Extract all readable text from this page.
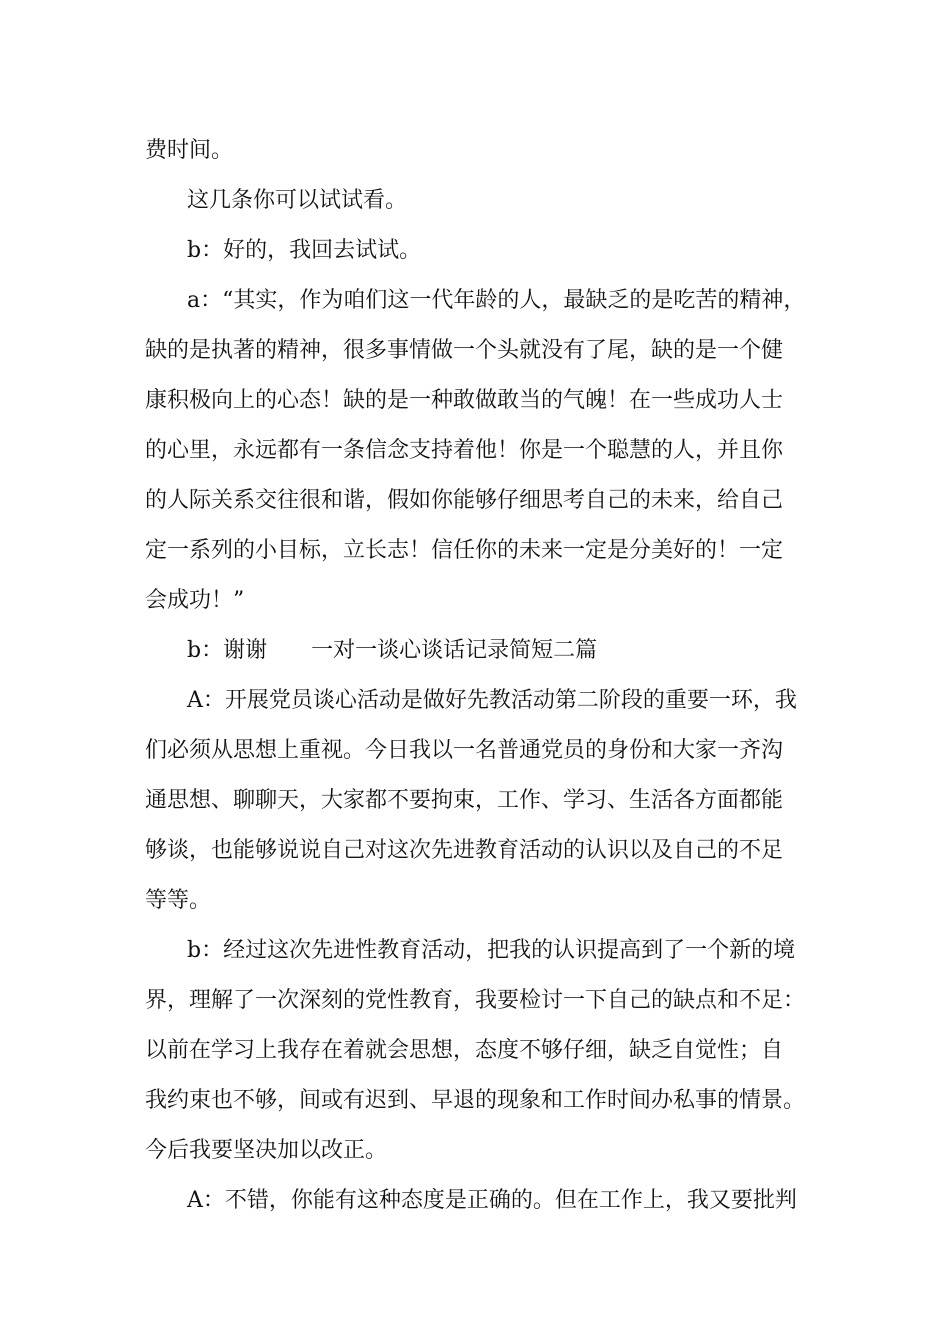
费时间。
这几条你可以试试看。
b：好的，我回去试试。
a：“其实，作为咱们这一代年龄的人，最缺乏的是吃苦的精神，
缺的是执著的精神，很多事情做一个头就没有了尾，缺的是一个健
康积极向上的心态！缺的是一种敢做敢当的气魄！在一些成功人士
的心里，永远都有一条信念支持着他！你是一个聪慧的人，并且你
的人际关系交往很和谐，假如你能够仔细思考自己的未来，给自己
定一系列的小目标，立长志！信任你的未来一定是分美好的！一定
会成功！”
b：谢谢　　一对一谈心谈话记录简短二篇
A：开展党员谈心活动是做好先教活动第二阶段的重要一环，我
们必须从思想上重视。今日我以一名普通党员的身份和大家一齐沟
通思想、聊聊天，大家都不要拘束，工作、学习、生活各方面都能
够谈，也能够说说自己对这次先进教育活动的认识以及自己的不足
等等。
b：经过这次先进性教育活动，把我的认识提高到了一个新的境
界，理解了一次深刻的党性教育，我要检讨一下自己的缺点和不足：
以前在学习上我存在着就会思想，态度不够仔细，缺乏自觉性；自
我约束也不够，间或有迟到、早退的现象和工作时间办私事的情景。
今后我要坚决加以改正。
A：不错，你能有这种态度是正确的。但在工作上，我又要批判
